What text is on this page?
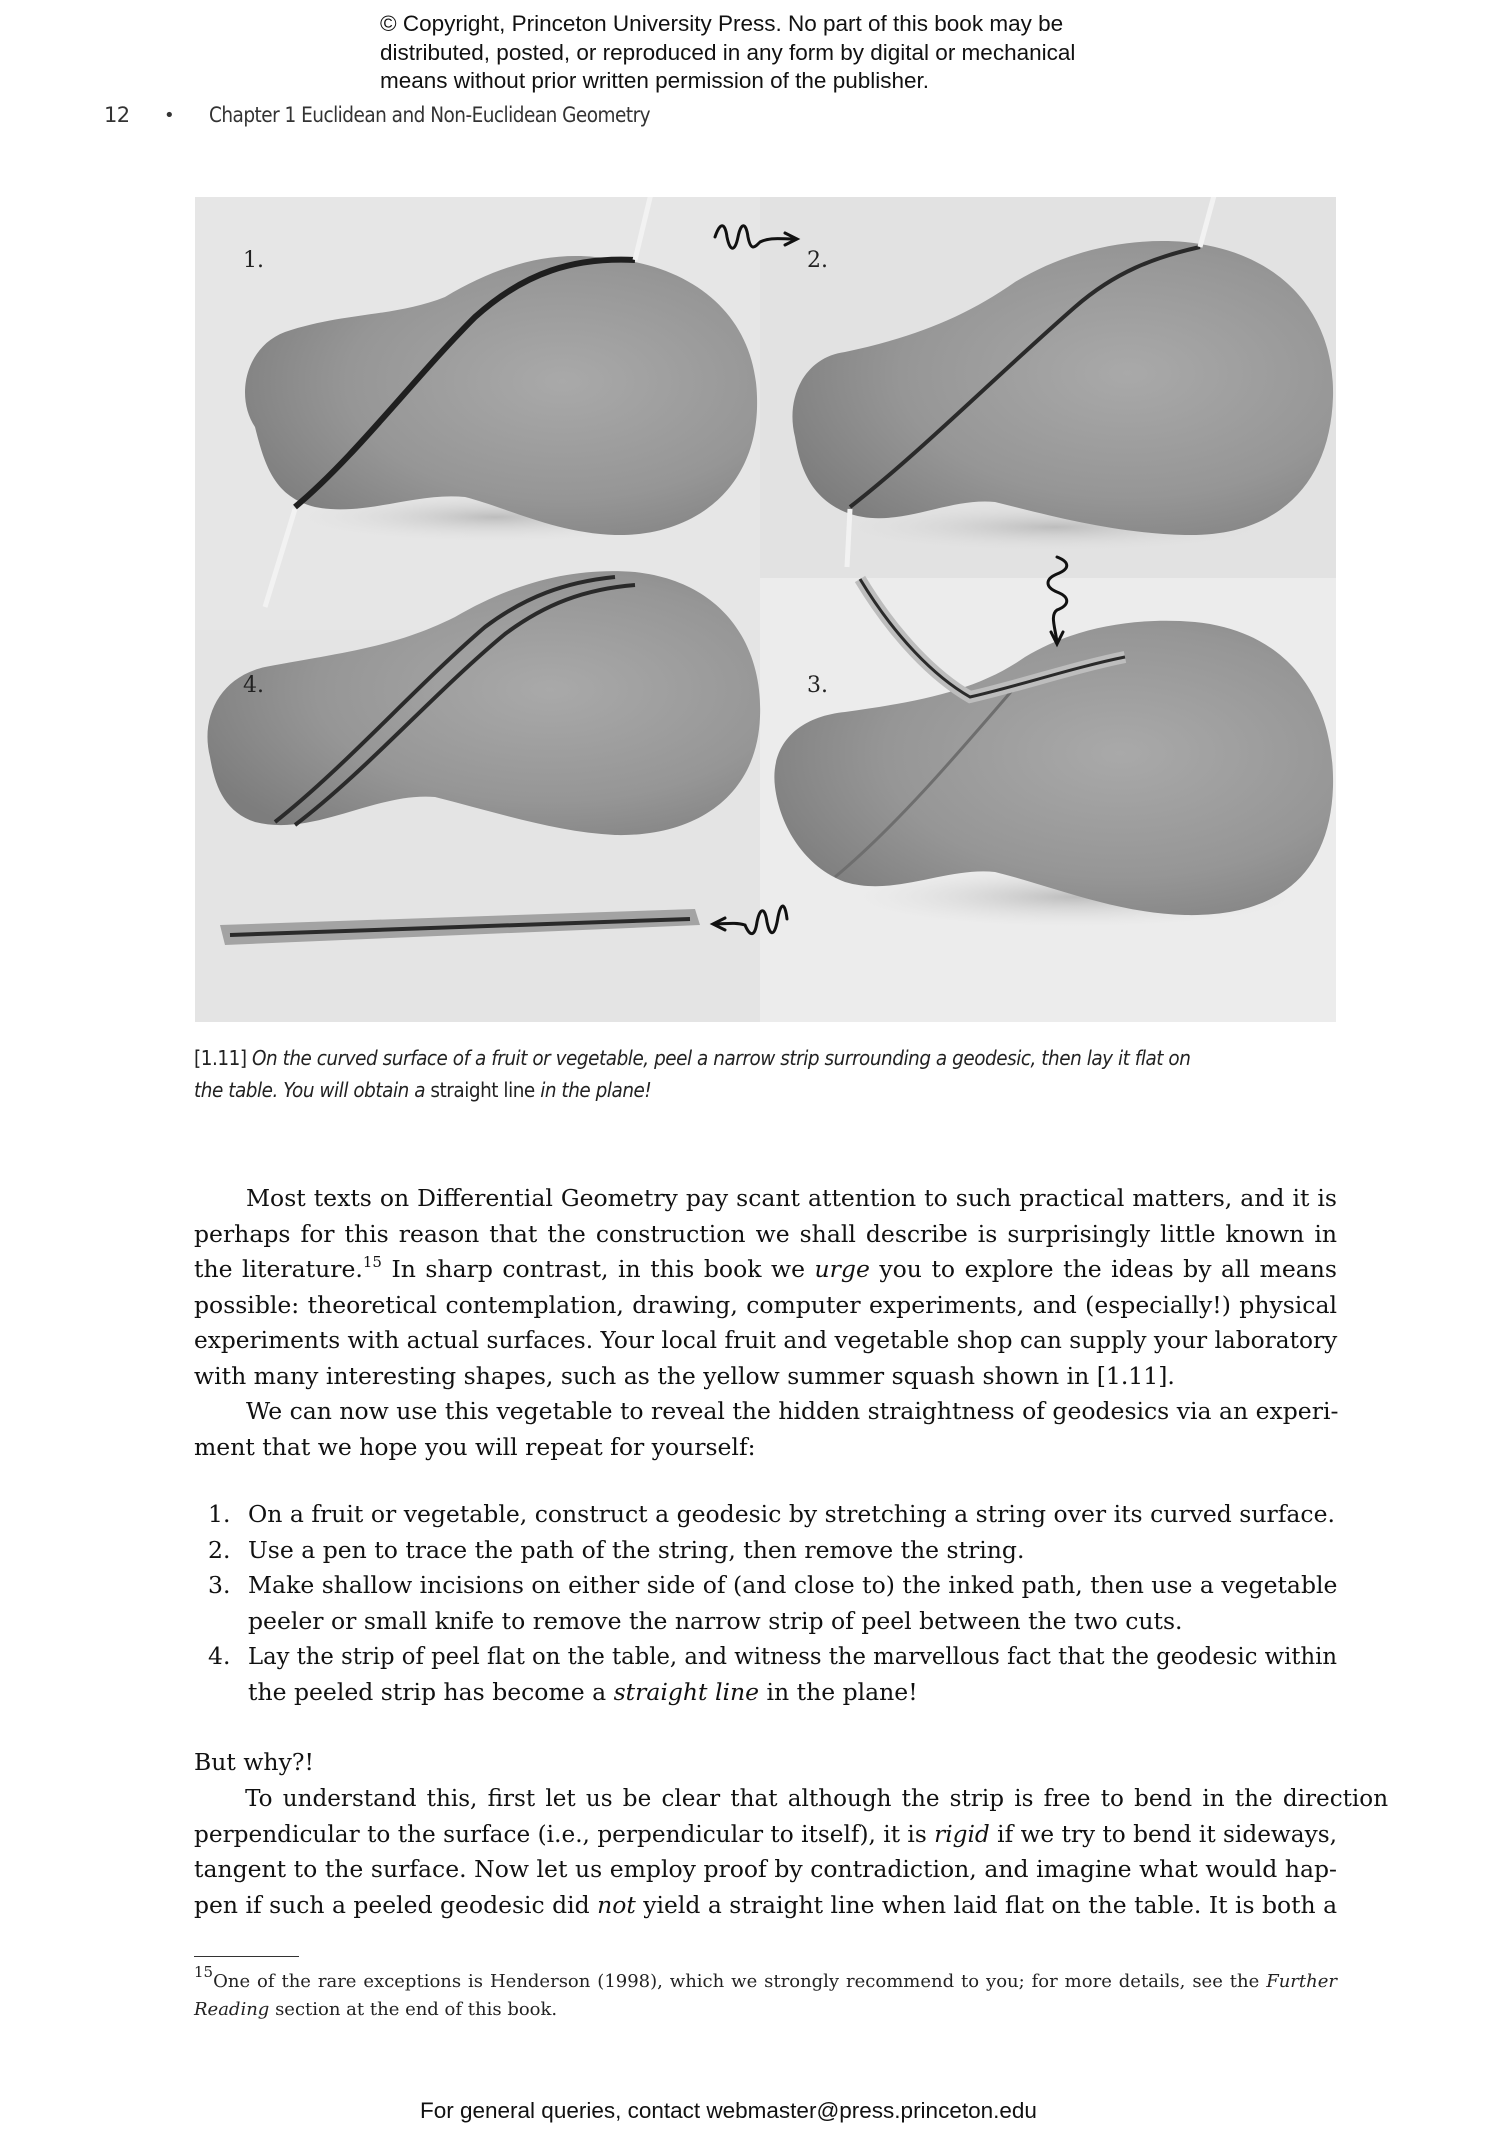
© Copyright, Princeton University Press. No part of this book may be
distributed, posted, or reproduced in any form by digital or mechanical
means without prior written permission of the publisher.
12 • Chapter 1 Euclidean and Non-Euclidean Geometry
1.	2.
3.
4.
[1.11] On the curved surface of a fruit or vegetable, peel a narrow strip surrounding a geodesic, then lay it flat on
the table. You will obtain a straight line in the plane!
Most texts on Differential Geometry pay scant attention to such practical matters, and it is
perhaps for this reason that the construction we shall describe is surprisingly little known in
the literature.$^{15}$ In sharp contrast, in this book we urge you to explore the ideas by all means
possible: theoretical contemplation, drawing, computer experiments, and (especially!) physical
experiments with actual surfaces. Your local fruit and vegetable shop can supply your laboratory
with many interesting shapes, such as the yellow summer squash shown in [1.11].
We can now use this vegetable to reveal the hidden straightness of geodesics via an experi-
ment that we hope you will repeat for yourself:
1. On a fruit or vegetable, construct a geodesic by stretching a string over its curved surface.
2. Use a pen to trace the path of the string, then remove the string.
3. Make shallow incisions on either side of (and close to) the inked path, then use a vegetable
peeler or small knife to remove the narrow strip of peel between the two cuts.
4. Lay the strip of peel flat on the table, and witness the marvellous fact that the geodesic within
the peeled strip has become a straight line in the plane!
But why?!
To understand this, first let us be clear that although the strip is free to bend in the direction
perpendicular to the surface (i.e., perpendicular to itself), it is rigid if we try to bend it sideways,
tangent to the surface. Now let us employ proof by contradiction, and imagine what would hap-
pen if such a peeled geodesic did not yield a straight line when laid flat on the table. It is both a
$^{15}$One of the rare exceptions is Henderson (1998), which we strongly recommend to you; for more details, see the Further
Reading section at the end of this book.
For general queries, contact webmaster@press.princeton.edu
